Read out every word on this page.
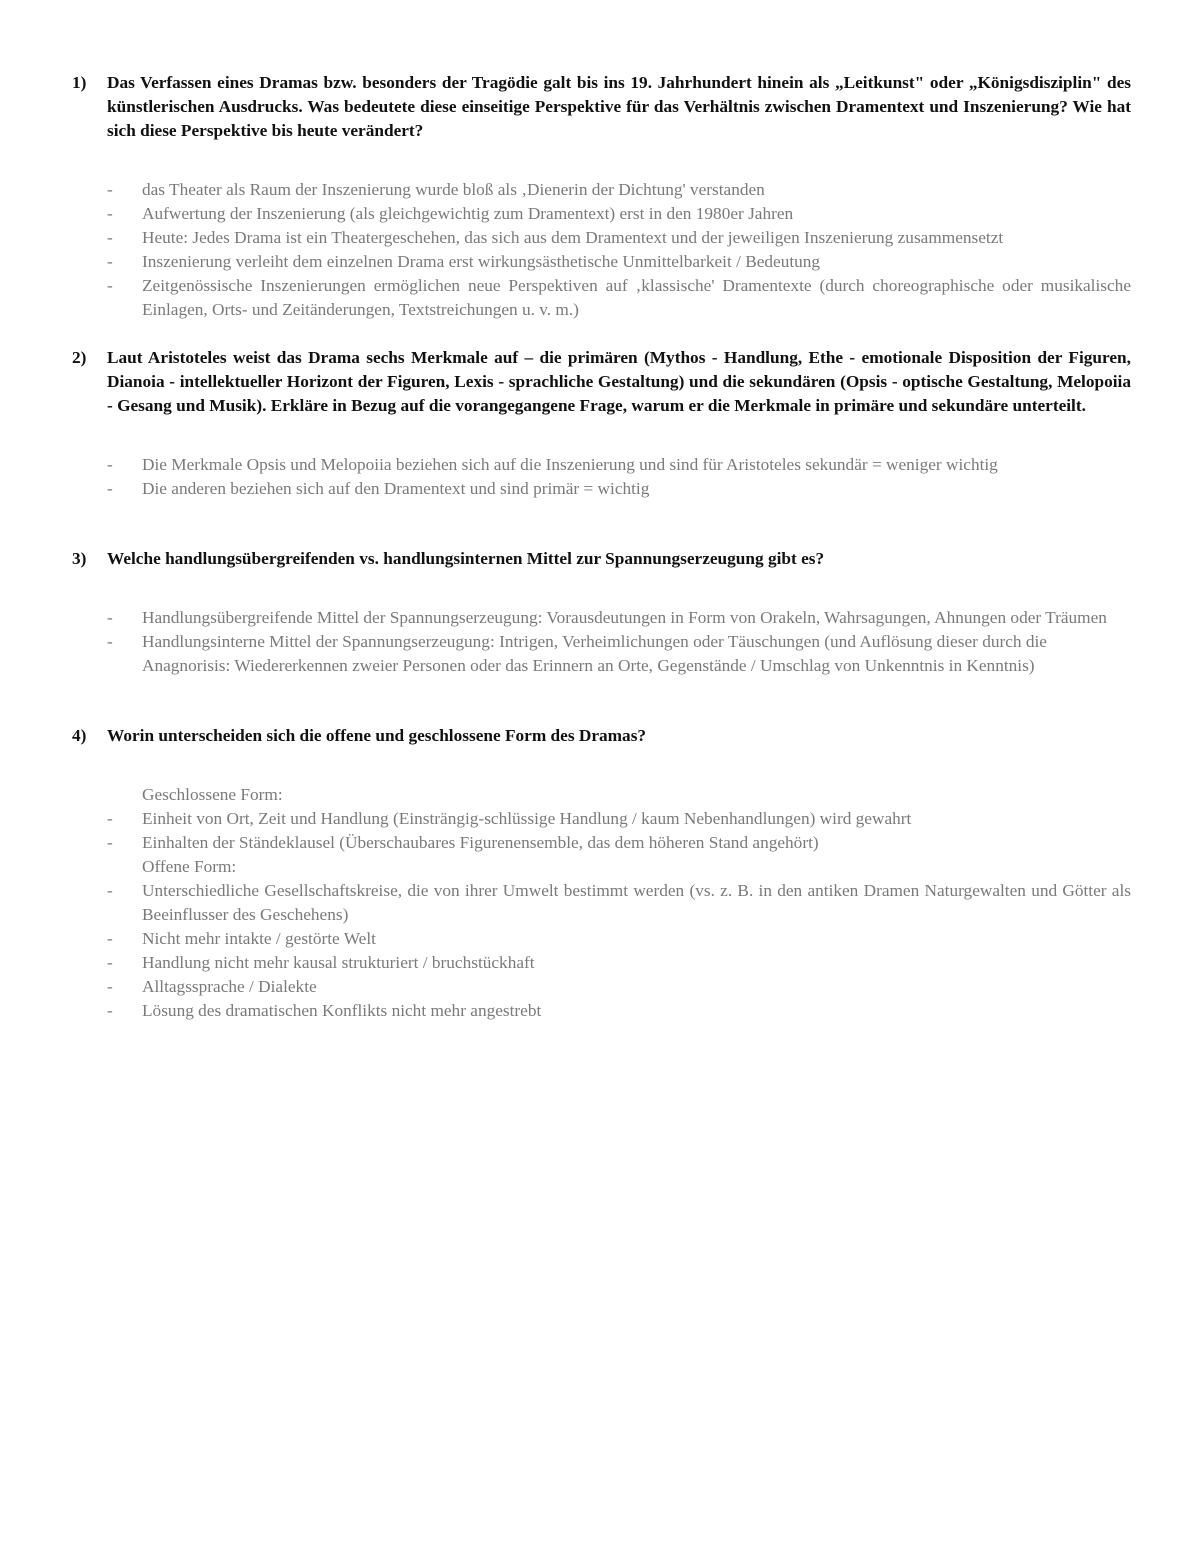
1)	Das Verfassen eines Dramas bzw. besonders der Tragödie galt bis ins 19. Jahrhundert hinein als „Leitkunst" oder „Königsdisziplin" des künstlerischen Ausdrucks. Was bedeutete diese einseitige Perspektive für das Verhältnis zwischen Dramentext und Inszenierung? Wie hat sich diese Perspektive bis heute verändert?
-	das Theater als Raum der Inszenierung wurde bloß als ‚Dienerin der Dichtung' verstanden
-	Aufwertung der Inszenierung (als gleichgewichtig zum Dramentext) erst in den 1980er Jahren
-	Heute: Jedes Drama ist ein Theatergeschehen, das sich aus dem Dramentext und der jeweiligen Inszenierung zusammensetzt
-	Inszenierung verleiht dem einzelnen Drama erst wirkungsästhetische Unmittelbarkeit / Bedeutung
-	Zeitgenössische Inszenierungen ermöglichen neue Perspektiven auf ‚klassische' Dramentexte (durch choreographische oder musikalische Einlagen, Orts- und Zeitänderungen, Textstreichungen u. v. m.)
2)	Laut Aristoteles weist das Drama sechs Merkmale auf – die primären (Mythos - Handlung, Ethe - emotionale Disposition der Figuren, Dianoia - intellektueller Horizont der Figuren, Lexis - sprachliche Gestaltung) und die sekundären (Opsis - optische Gestaltung, Melopoiia - Gesang und Musik). Erkläre in Bezug auf die vorangegangene Frage, warum er die Merkmale in primäre und sekundäre unterteilt.
-	Die Merkmale Opsis und Melopoiia beziehen sich auf die Inszenierung und sind für Aristoteles sekundär = weniger wichtig
-	Die anderen beziehen sich auf den Dramentext und sind primär = wichtig
3)	Welche handlungsübergreifenden vs. handlungsinternen Mittel zur Spannungserzeugung gibt es?
-	Handlungsübergreifende Mittel der Spannungserzeugung: Vorausdeutungen in Form von Orakeln, Wahrsagungen, Ahnungen oder Träumen
-	Handlungsinterne Mittel der Spannungserzeugung: Intrigen, Verheimlichungen oder Täuschungen (und Auflösung dieser durch die Anagnorisis: Wiedererkennen zweier Personen oder das Erinnern an Orte, Gegenstände / Umschlag von Unkenntnis in Kenntnis)
4)	Worin unterscheiden sich die offene und geschlossene Form des Dramas?
Geschlossene Form:
-	Einheit von Ort, Zeit und Handlung (Einsträngig-schlüssige Handlung / kaum Nebenhandlungen) wird gewahrt
-	Einhalten der Ständeklausel (Überschaubares Figurenensemble, das dem höheren Stand angehört)
Offene Form:
-	Unterschiedliche Gesellschaftskreise, die von ihrer Umwelt bestimmt werden (vs. z. B. in den antiken Dramen Naturgewalten und Götter als Beeinflusser des Geschehens)
-	Nicht mehr intakte / gestörte Welt
-	Handlung nicht mehr kausal strukturiert / bruchstückhaft
-	Alltagssprache / Dialekte
-	Lösung des dramatischen Konflikts nicht mehr angestrebt
